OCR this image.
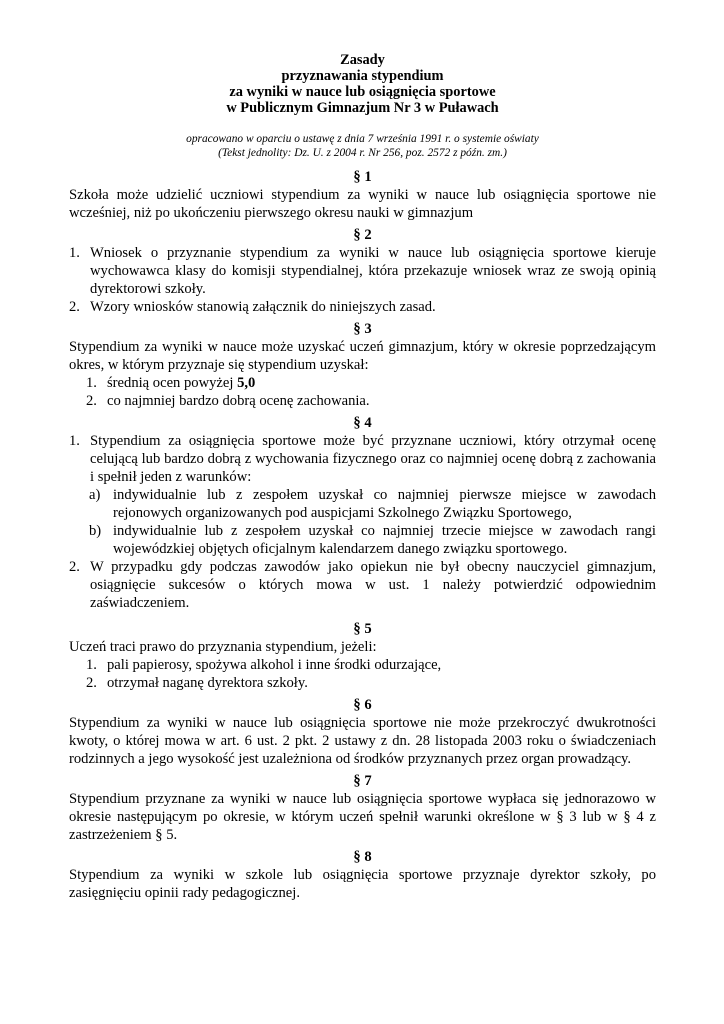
Zasady
przyznawania stypendium
za wyniki w nauce lub osiągnięcia sportowe
w Publicznym Gimnazjum Nr 3 w Puławach
opracowano w oparciu o ustawę z dnia 7 września 1991 r. o systemie oświaty
(Tekst jednolity: Dz. U. z 2004 r. Nr 256, poz. 2572 z późn. zm.)
§ 1
Szkoła może udzielić uczniowi stypendium za wyniki w nauce lub osiągnięcia sportowe nie wcześniej, niż po ukończeniu pierwszego okresu nauki w gimnazjum
§ 2
1. Wniosek o przyznanie stypendium za wyniki w nauce lub osiągnięcia sportowe kieruje wychowawca klasy do komisji stypendialnej, która przekazuje wniosek wraz ze swoją opinią dyrektorowi szkoły.
2. Wzory wniosków stanowią załącznik do niniejszych zasad.
§ 3
Stypendium za wyniki w nauce może uzyskać uczeń gimnazjum, który w okresie poprzedzającym okres, w którym przyznaje się stypendium uzyskał:
1. średnią ocen powyżej 5,0
2. co najmniej bardzo dobrą ocenę zachowania.
§ 4
1. Stypendium za osiągnięcia sportowe może być przyznane uczniowi, który otrzymał ocenę celującą lub bardzo dobrą z wychowania fizycznego oraz co najmniej ocenę dobrą z zachowania i spełnił jeden z warunków:
a) indywidualnie lub z zespołem uzyskał co najmniej pierwsze miejsce w zawodach rejonowych organizowanych pod auspicjami Szkolnego Związku Sportowego,
b) indywidualnie lub z zespołem uzyskał co najmniej trzecie miejsce w zawodach rangi wojewódzkiej objętych oficjalnym kalendarzem danego związku sportowego.
2. W przypadku gdy podczas zawodów jako opiekun nie był obecny nauczyciel gimnazjum, osiągnięcie sukcesów o których mowa w ust. 1 należy potwierdzić odpowiednim zaświadczeniem.
§ 5
Uczeń traci prawo do przyznania stypendium, jeżeli:
1. pali papierosy, spożywa alkohol i inne środki odurzające,
2. otrzymał naganę dyrektora szkoły.
§ 6
Stypendium za wyniki w nauce lub osiągnięcia sportowe nie może przekroczyć dwukrotności kwoty, o której mowa w art. 6 ust. 2 pkt. 2 ustawy z dn. 28 listopada 2003 roku o świadczeniach rodzinnych a jego wysokość jest uzależniona od środków przyznanych przez organ prowadzący.
§ 7
Stypendium przyznane za wyniki w nauce lub osiągnięcia sportowe wypłaca się jednorazowo w okresie następującym po okresie, w którym uczeń spełnił warunki określone w § 3 lub w § 4 z zastrzeżeniem § 5.
§ 8
Stypendium za wyniki w szkole lub osiągnięcia sportowe przyznaje dyrektor szkoły, po zasięgnięciu opinii rady pedagogicznej.
